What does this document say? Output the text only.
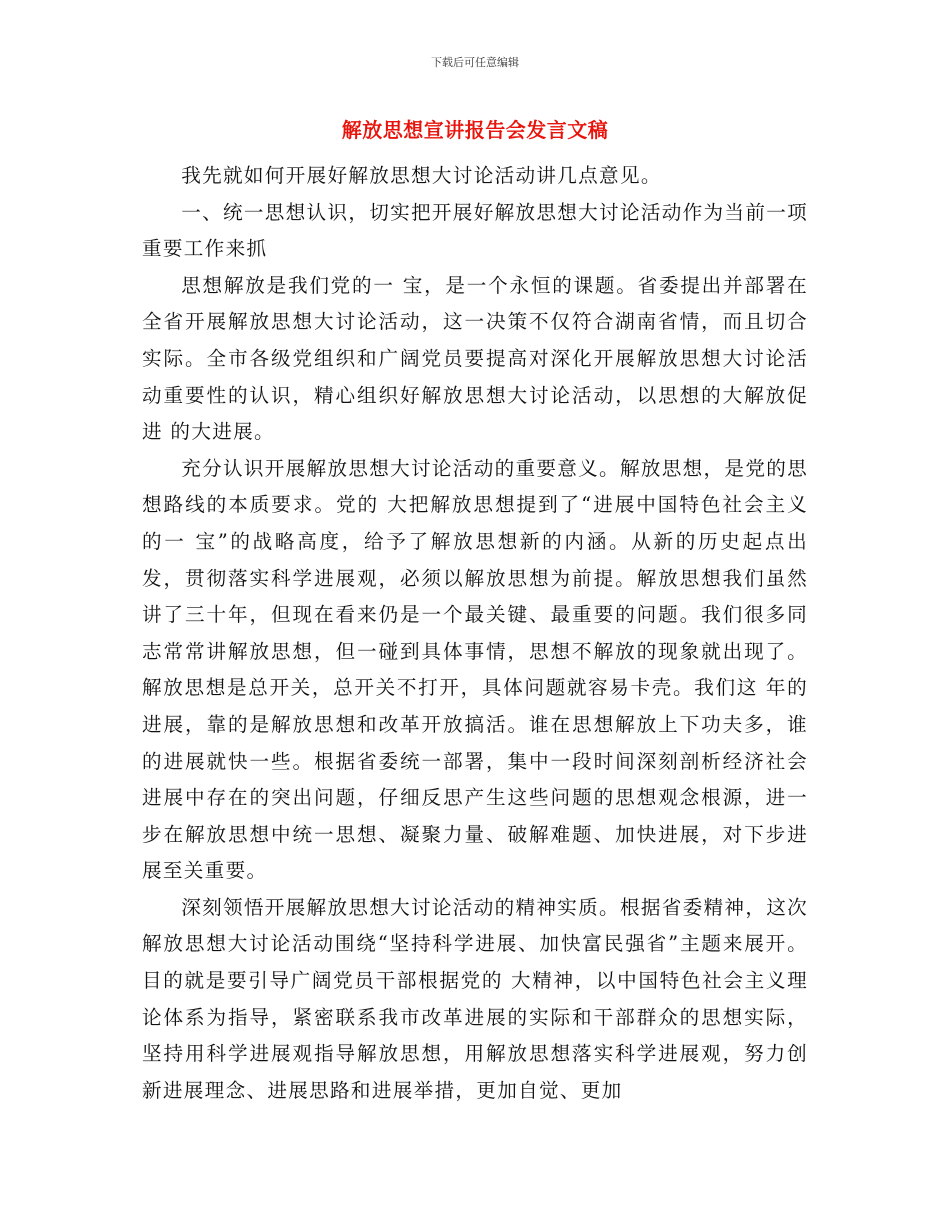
下载后可任意编辑
解放思想宣讲报告会发言文稿

我先就如何开展好解放思想大讨论活动讲几点意见。

一、统一思想认识，切实把开展好解放思想大讨论活动作为当前一项重要工作来抓

思想解放是我们党的一 宝，是一个永恒的课题。省委提出并部署在全省开展解放思想大讨论活动，这一决策不仅符合湖南省情，而且切合 实际。全市各级党组织和广阔党员要提高对深化开展解放思想大讨论活动重要性的认识，精心组织好解放思想大讨论活动，以思想的大解放促进 的大进展。

充分认识开展解放思想大讨论活动的重要意义。解放思想，是党的思想路线的本质要求。党的 大把解放思想提到了“进展中国特色社会主义的一 宝”的战略高度，给予了解放思想新的内涵。从新的历史起点出发，贯彻落实科学进展观，必须以解放思想为前提。解放思想我们虽然讲了三十年，但现在看来仍是一个最关键、最重要的问题。我们很多同志常常讲解放思想，但一碰到具体事情，思想不解放的现象就出现了。解放思想是总开关，总开关不打开，具体问题就容易卡壳。我们这 年的进展，靠的是解放思想和改革开放搞活。谁在思想解放上下功夫多，谁的进展就快一些。根据省委统一部署，集中一段时间深刻剖析经济社会进展中存在的突出问题，仔细反思产生这些问题的思想观念根源，进一步在解放思想中统一思想、凝聚力量、破解难题、加快进展，对下步进展至关重要。

深刻领悟开展解放思想大讨论活动的精神实质。根据省委精神，这次解放思想大讨论活动围绕“坚持科学进展、加快富民强省”主题来展开。目的就是要引导广阔党员干部根据党的 大精神，以中国特色社会主义理论体系为指导，紧密联系我市改革进展的实际和干部群众的思想实际，坚持用科学进展观指导解放思想，用解放思想落实科学进展观，努力创新进展理念、进展思路和进展举措，更加自觉、更加
